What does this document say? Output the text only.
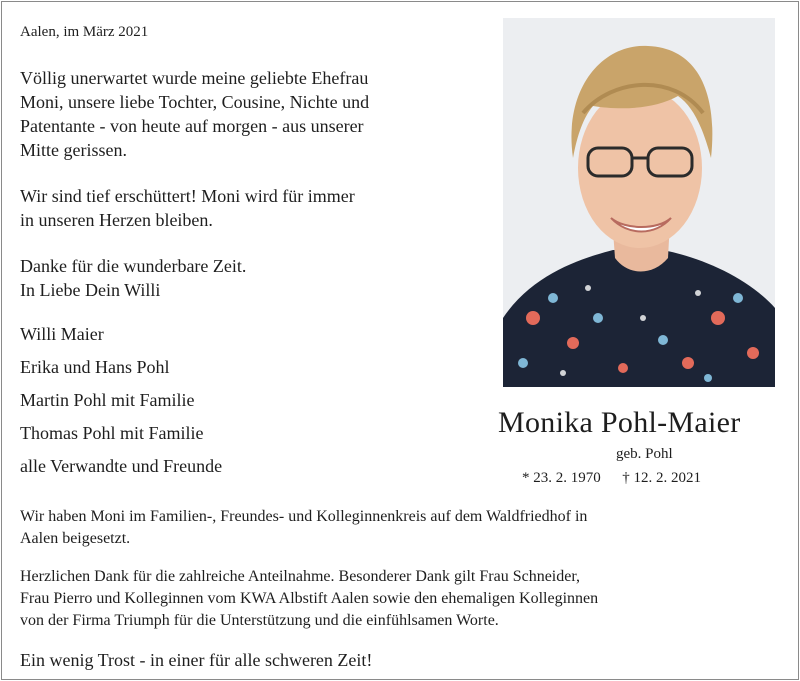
Aalen, im März 2021
Völlig unerwartet wurde meine geliebte Ehefrau
Moni, unsere liebe Tochter, Cousine, Nichte und
Patentante - von heute auf morgen - aus unserer
Mitte gerissen.
Wir sind tief erschüttert! Moni wird für immer
in unseren Herzen bleiben.
Danke für die wunderbare Zeit.
In Liebe Dein Willi
Willi Maier
Erika und Hans Pohl
Martin Pohl mit Familie
Thomas Pohl mit Familie
alle Verwandte und Freunde
Monika Pohl-Maier
geb. Pohl
* 23. 2. 1970 † 12. 2. 2021
Wir haben Moni im Familien-, Freundes- und Kolleginnenkreis auf dem Waldfriedhof in
Aalen beigesetzt.
Herzlichen Dank für die zahlreiche Anteilnahme. Besonderer Dank gilt Frau Schneider,
Frau Pierro und Kolleginnen vom KWA Albstift Aalen sowie den ehemaligen Kolleginnen
von der Firma Triumph für die Unterstützung und die einfühlsamen Worte.
Ein wenig Trost - in einer für alle schweren Zeit!
